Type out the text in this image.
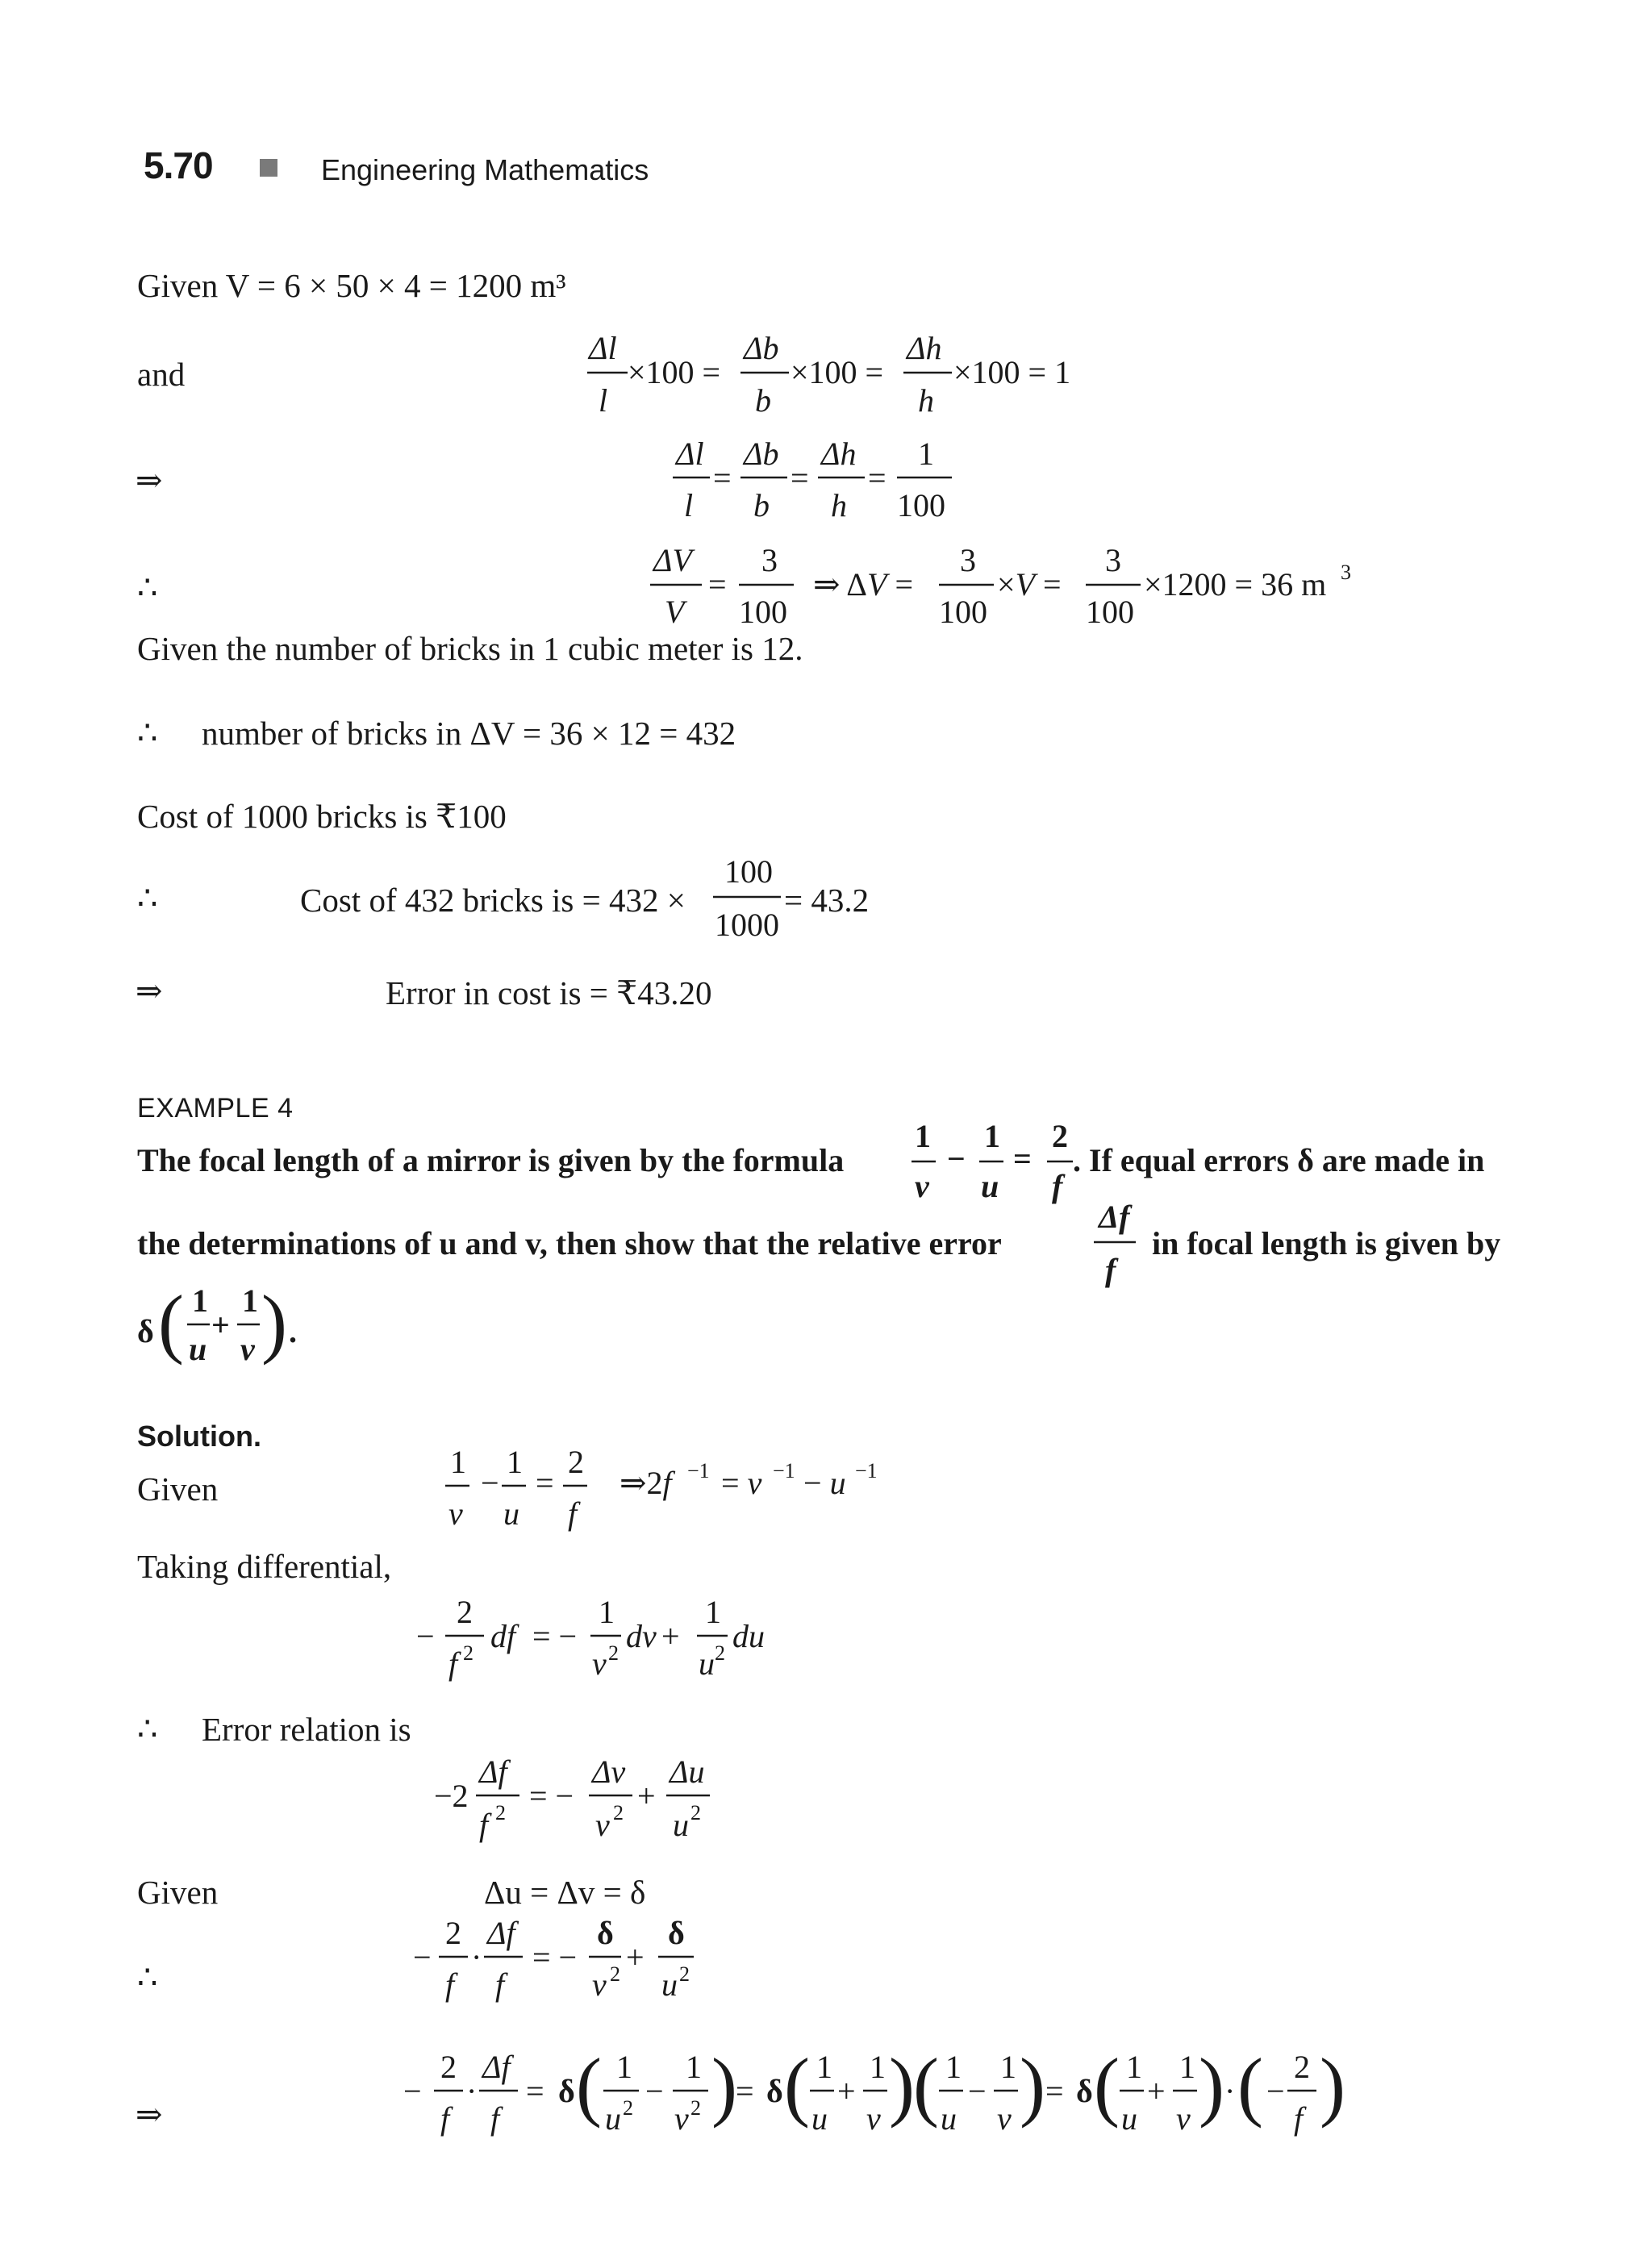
5.70	Engineering Mathematics
Given V = 6 × 50 × 4 = 1200 m³
and
Δl
l
×100 =
Δb
b
×100 =
Δh
h
×100 = 1
⇒
Δl
l
=
Δb
b
=
Δh
h
=
1
100
∴
ΔV
V
=
3
100
⇒ ΔV =
3
100
×V =
3
100
×1200 = 36 m 3
Given the number of bricks in 1 cubic meter is 12.
∴ number of bricks in ΔV = 36 × 12 = 432
Cost of 1000 bricks is ₹100
∴	Cost of 432 bricks is = 432 ×
100
1000
= 43.2
⇒	Error in cost is = ₹43.20
EXAMPLE 4
The focal length of a mirror is given by the formula
1
v
−
1
u
=
2
f
. If equal errors δ are made in
the determinations of u and v, then show that the relative error
Δf
f
in focal length is given by
δ ( 1
u
+
1
v ) .
Solution.
Given
1
v
−
1
u
=
2
f
⇒2f −1 = v −1 − u −1
Taking differential,
−
2
f 2 df = −
1
v 2 dv +
1
u 2 du
∴ Error relation is
−2
Δf
f 2 = −
Δv
v 2 +
Δu
u 2
Given	Δu = Δv = δ
∴
−
2
f
·
Δf
f
= −
δ
v 2 +
δ
u 2
⇒
−
2
f
·
Δf
f
= δ ( 1
u 2 −
1
v 2 )
= δ ( 1
u
+
1
v )
( 1
u
−
1
v ) = δ ( 1
u
+
1
v ) · ( −
2
f )
